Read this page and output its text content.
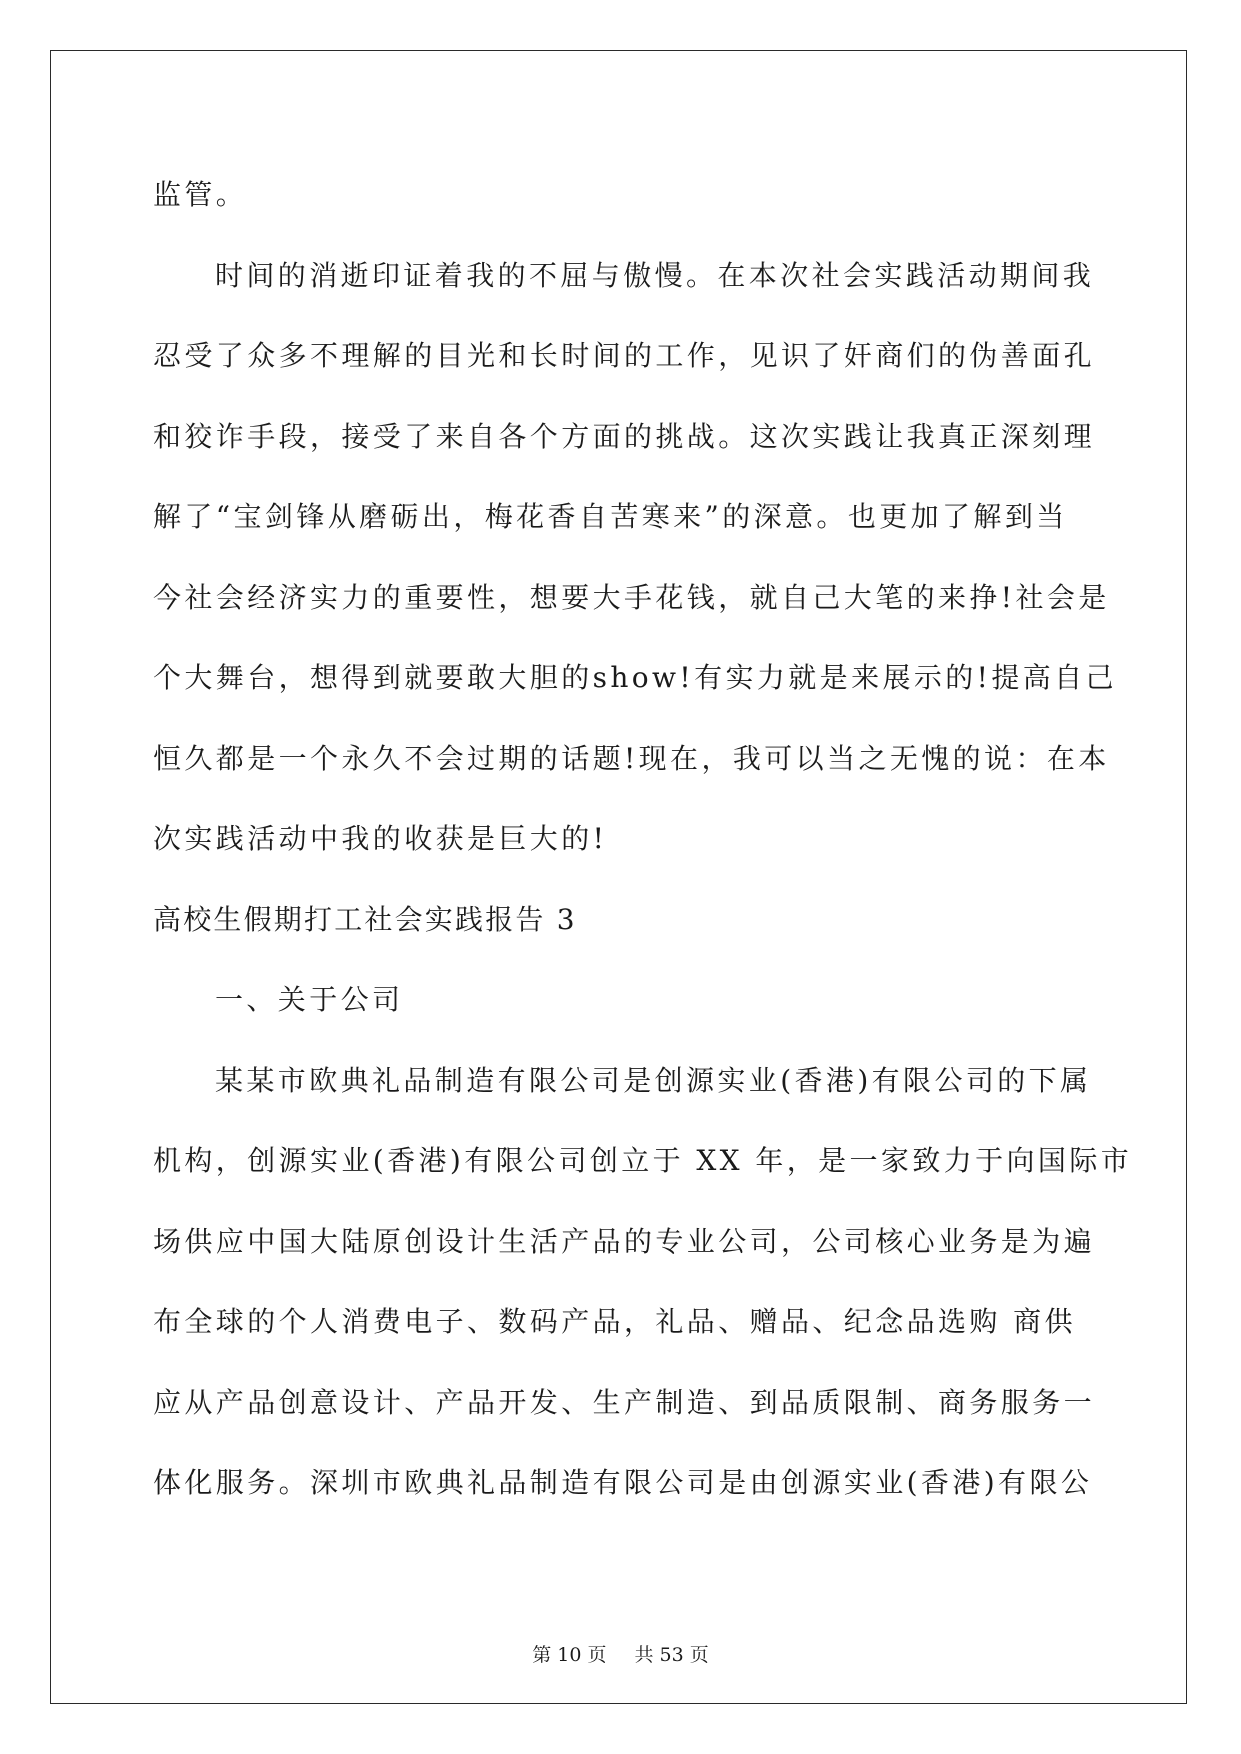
监管。
时间的消逝印证着我的不屈与傲慢。在本次社会实践活动期间我
忍受了众多不理解的目光和长时间的工作，见识了奸商们的伪善面孔
和狡诈手段，接受了来自各个方面的挑战。这次实践让我真正深刻理
解了“宝剑锋从磨砺出，梅花香自苦寒来”的深意。也更加了解到当
今社会经济实力的重要性，想要大手花钱，就自己大笔的来挣!社会是
个大舞台，想得到就要敢大胆的show!有实力就是来展示的!提高自己
恒久都是一个永久不会过期的话题!现在，我可以当之无愧的说：在本
次实践活动中我的收获是巨大的!
高校生假期打工社会实践报告 3
一、关于公司
某某市欧典礼品制造有限公司是创源实业(香港)有限公司的下属
机构，创源实业(香港)有限公司创立于 XX 年，是一家致力于向国际市
场供应中国大陆原创设计生活产品的专业公司，公司核心业务是为遍
布全球的个人消费电子、数码产品，礼品、赠品、纪念品选购 商供
应从产品创意设计、产品开发、生产制造、到品质限制、商务服务一
体化服务。深圳市欧典礼品制造有限公司是由创源实业(香港)有限公
第 10 页 共 53 页
